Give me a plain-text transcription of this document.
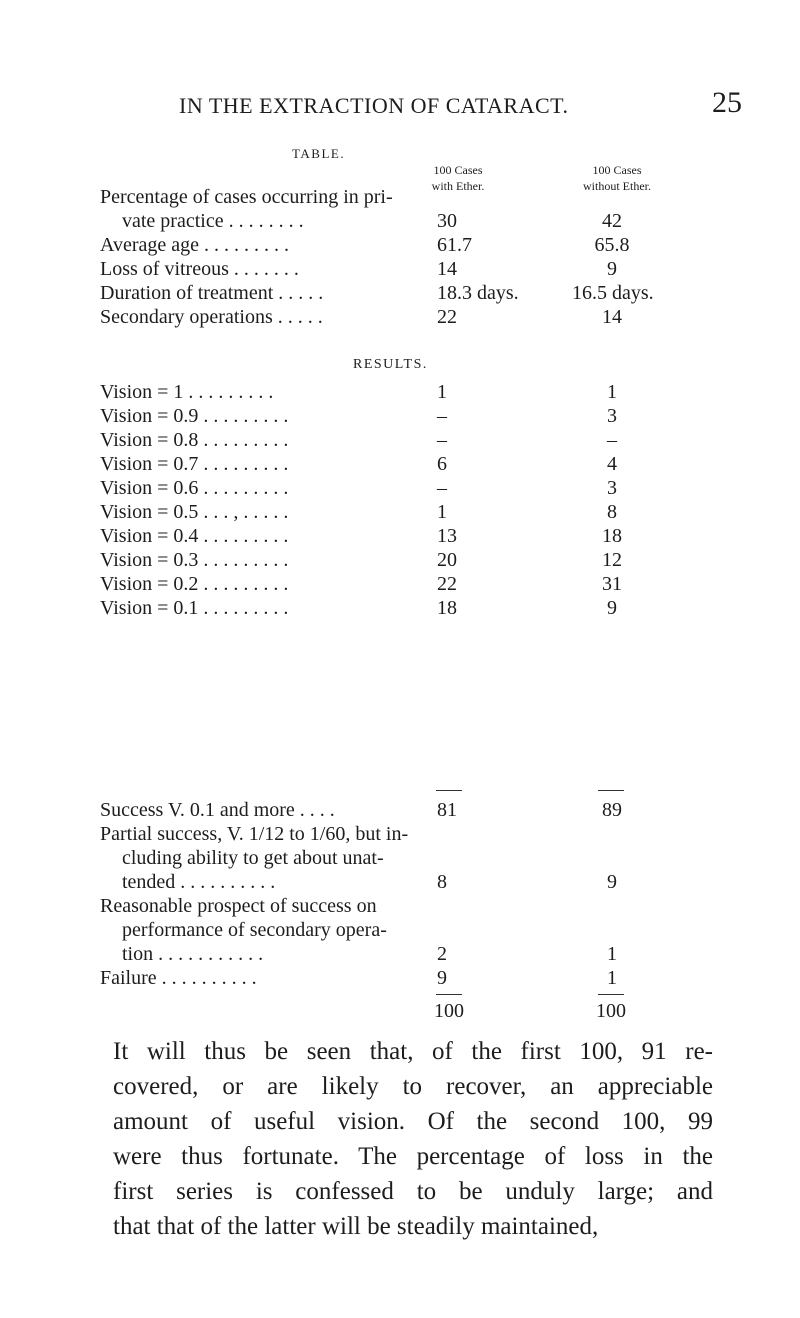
IN THE EXTRACTION OF CATARACT.	25
TABLE.
100 Cases
with Ether.
100 Cases
without Ether.
Percentage of cases occurring in pri-
vate practice . . . . . . . .	30	42
Average age . . . . . . . . .	61.7	65.8
Loss of vitreous . . . . . . .	14	9
Duration of treatment . . . . .	18.3 days.	16.5 days.
Secondary operations . . . . .	22	14
RESULTS.
Vision = 1 . . . . . . . . .	1	1
Vision = 0.9 . . . . . . . . .	–	3
Vision = 0.8 . . . . . . . . .	–	–
Vision = 0.7 . . . . . . . . .	6	4
Vision = 0.6 . . . . . . . . .	–	3
Vision = 0.5 . . . , . . . . .	1	8
Vision = 0.4 . . . . . . . . .	13	18
Vision = 0.3 . . . . . . . . .	20	12
Vision = 0.2 . . . . . . . . .	22	31
Vision = 0.1 . . . . . . . . .	18	9
Success V. 0.1 and more . . . .	81	89
Partial success, V. 1/12 to 1/60, but in-
cluding ability to get about unat-
tended . . . . . . . . . .	8	9
Reasonable prospect of success on
performance of secondary opera-
tion . . . . . . . . . . .	2	1
Failure . . . . . . . . . .	9	1
100	100
It will thus be seen that, of the first 100, 91 re-
covered, or are likely to recover, an appreciable
amount of useful vision. Of the second 100, 99
were thus fortunate. The percentage of loss in the
first series is confessed to be unduly large; and
that that of the latter will be steadily maintained,
